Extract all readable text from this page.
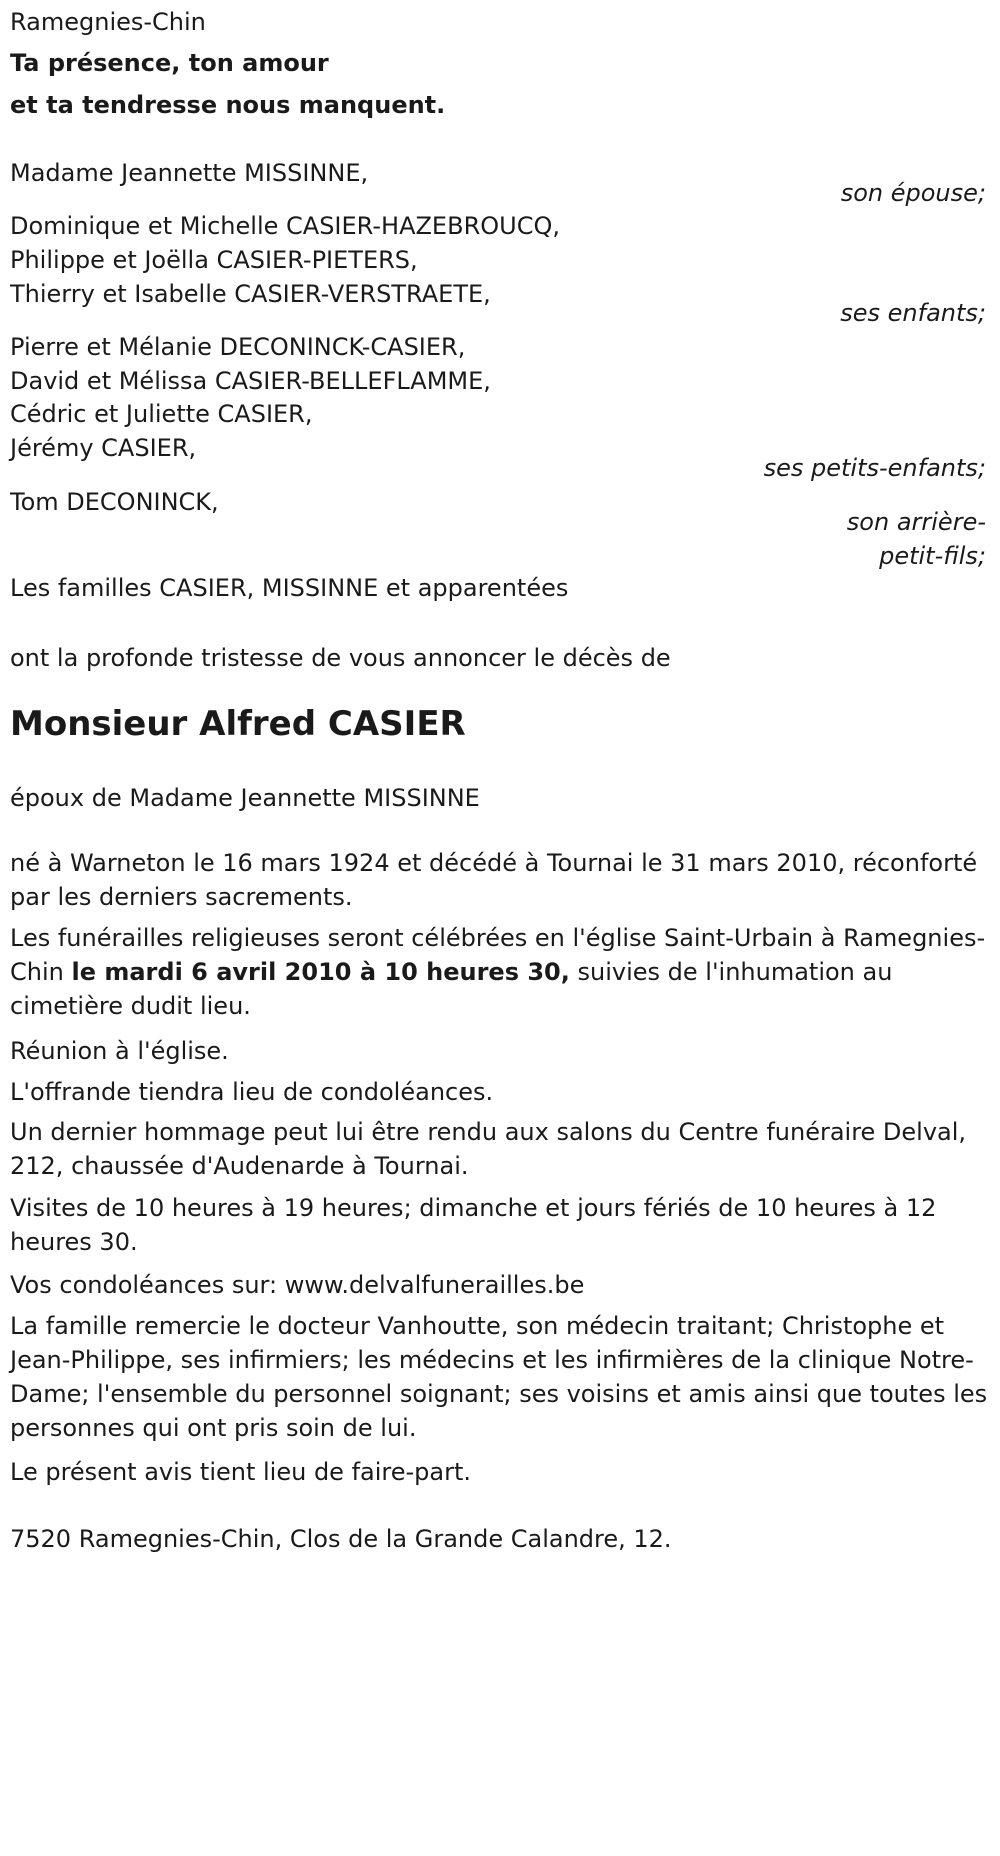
Ramegnies-Chin

Ta présence, ton amour

et ta tendresse nous manquent.

Madame Jeannette MISSINNE,

son épouse;

Dominique et Michelle CASIER-HAZEBROUCQ,

Philippe et Joëlla CASIER-PIETERS,

Thierry et Isabelle CASIER-VERSTRAETE,

ses enfants;

Pierre et Mélanie DECONINCK-CASIER,

David et Mélissa CASIER-BELLEFLAMME,

Cédric et Juliette CASIER,

Jérémy CASIER,

ses petits-enfants;

Tom DECONINCK,

son arrière-

petit-fils;

Les familles CASIER, MISSINNE et apparentées

ont la profonde tristesse de vous annoncer le décès de

Monsieur Alfred CASIER

époux de Madame Jeannette MISSINNE

né à Warneton le 16 mars 1924 et décédé à Tournai le 31 mars 2010, réconforté par les derniers sacrements.

Les funérailles religieuses seront célébrées en l'église Saint-Urbain à Ramegnies-Chin le mardi 6 avril 2010 à 10 heures 30, suivies de l'inhumation au cimetière dudit lieu.

Réunion à l'église.

L'offrande tiendra lieu de condoléances.

Un dernier hommage peut lui être rendu aux salons du Centre funéraire Delval, 212, chaussée d'Audenarde à Tournai.

Visites de 10 heures à 19 heures; dimanche et jours fériés de 10 heures à 12 heures 30.

Vos condoléances sur: www.delvalfunerailles.be

La famille remercie le docteur Vanhoutte, son médecin traitant; Christophe et Jean-Philippe, ses infirmiers; les médecins et les infirmières de la clinique Notre-Dame; l'ensemble du personnel soignant; ses voisins et amis ainsi que toutes les personnes qui ont pris soin de lui.

Le présent avis tient lieu de faire-part.

7520 Ramegnies-Chin, Clos de la Grande Calandre, 12.
